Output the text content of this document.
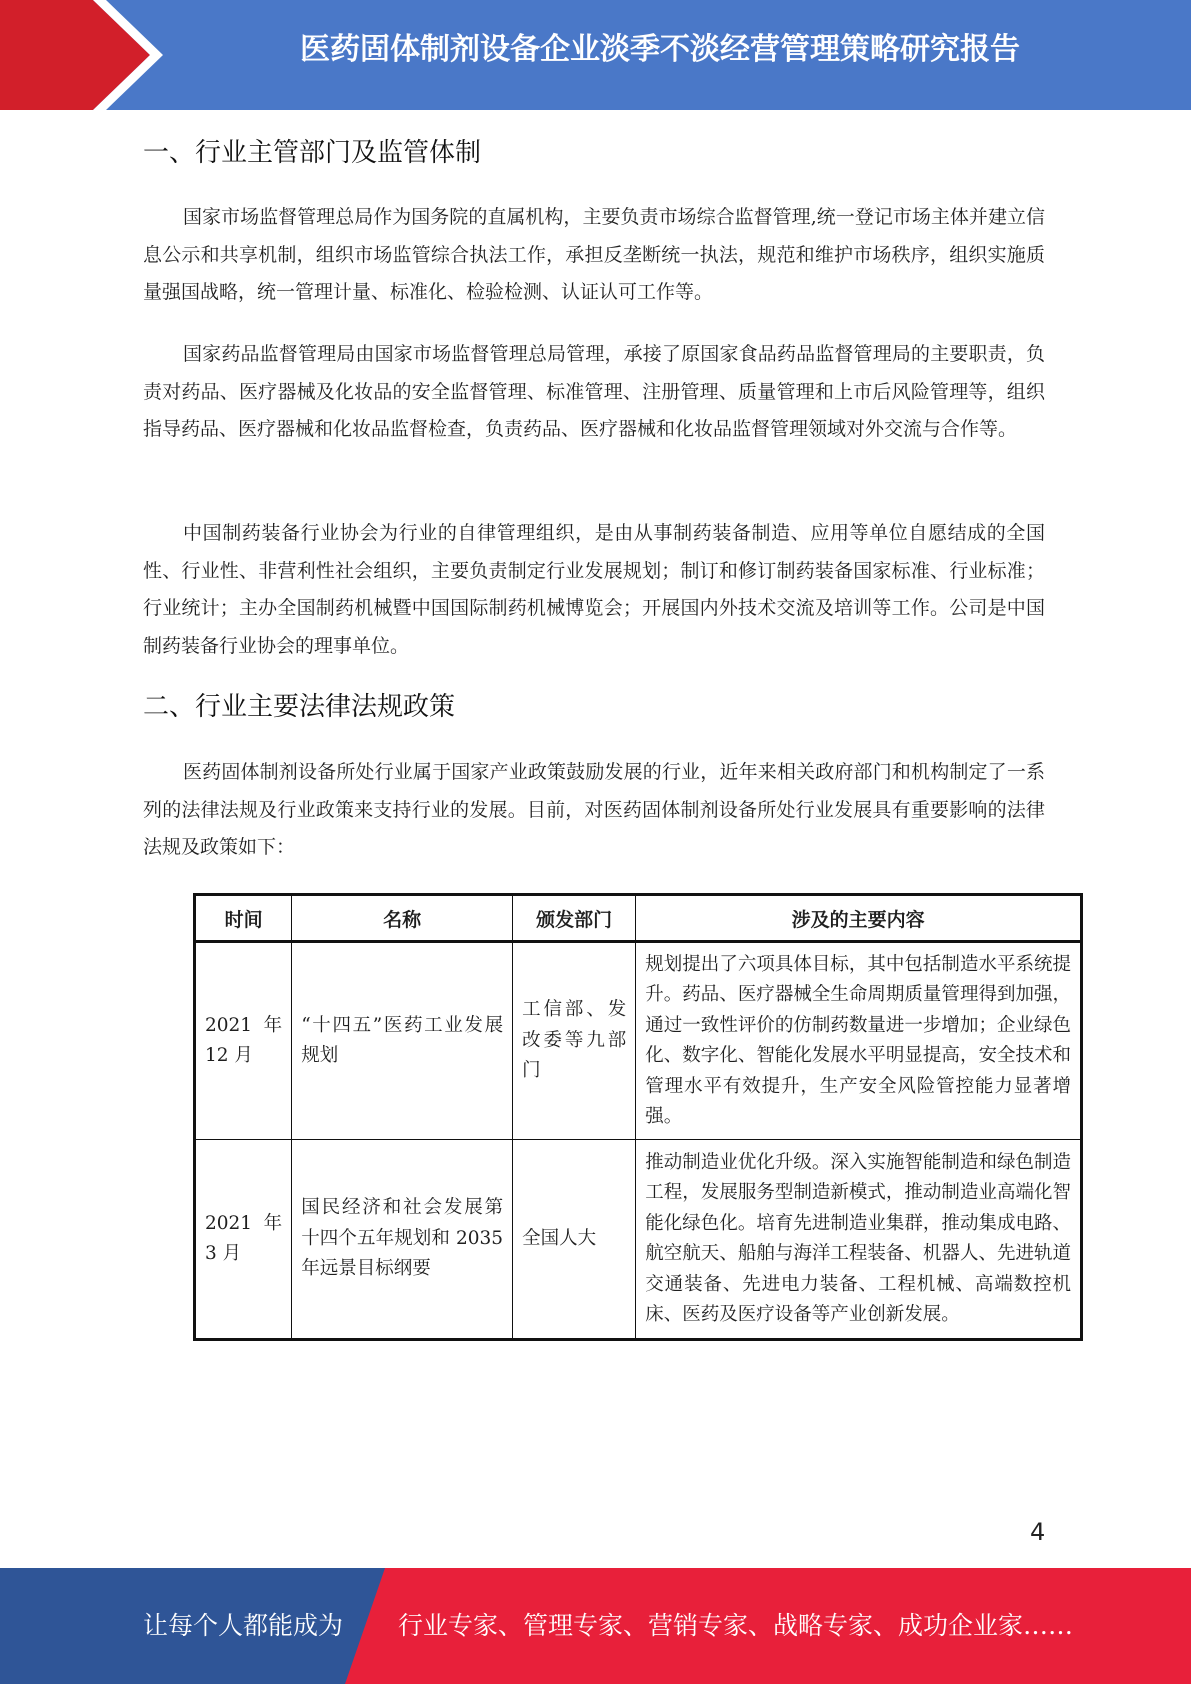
医药固体制剂设备企业淡季不淡经营管理策略研究报告
一、行业主管部门及监管体制

国家市场监督管理总局作为国务院的直属机构，主要负责市场综合监督管理,统一登记市场主体并建立信息公示和共享机制，组织市场监管综合执法工作，承担反垄断统一执法，规范和维护市场秩序，组织实施质量强国战略，统一管理计量、标准化、检验检测、认证认可工作等。

国家药品监督管理局由国家市场监督管理总局管理，承接了原国家食品药品监督管理局的主要职责，负责对药品、医疗器械及化妆品的安全监督管理、标准管理、注册管理、质量管理和上市后风险管理等，组织指导药品、医疗器械和化妆品监督检查，负责药品、医疗器械和化妆品监督管理领域对外交流与合作等。

中国制药装备行业协会为行业的自律管理组织，是由从事制药装备制造、应用等单位自愿结成的全国性、行业性、非营利性社会组织，主要负责制定行业发展规划；制订和修订制药装备国家标准、行业标准；行业统计；主办全国制药机械暨中国国际制药机械博览会；开展国内外技术交流及培训等工作。公司是中国制药装备行业协会的理事单位。

二、行业主要法律法规政策

医药固体制剂设备所处行业属于国家产业政策鼓励发展的行业，近年来相关政府部门和机构制定了一系列的法律法规及行业政策来支持行业的发展。目前，对医药固体制剂设备所处行业发展具有重要影响的法律法规及政策如下：

时间	名称	颁发部门	涉及的主要内容
2021 年 12 月	“十四五”医药工业发展规划	工信部、发改委等九部门	规划提出了六项具体目标，其中包括制造水平系统提升。药品、医疗器械全生命周期质量管理得到加强，通过一致性评价的仿制药数量进一步增加；企业绿色化、数字化、智能化发展水平明显提高，安全技术和管理水平有效提升，生产安全风险管控能力显著增强。
2021 年 3 月	国民经济和社会发展第十四个五年规划和 2035 年远景目标纲要	全国人大	推动制造业优化升级。深入实施智能制造和绿色制造工程，发展服务型制造新模式，推动制造业高端化智能化绿色化。培育先进制造业集群，推动集成电路、航空航天、船舶与海洋工程装备、机器人、先进轨道交通装备、先进电力装备、工程机械、高端数控机床、医药及医疗设备等产业创新发展。
4
让每个人都能成为 行业专家、管理专家、营销专家、战略专家、成功企业家……
